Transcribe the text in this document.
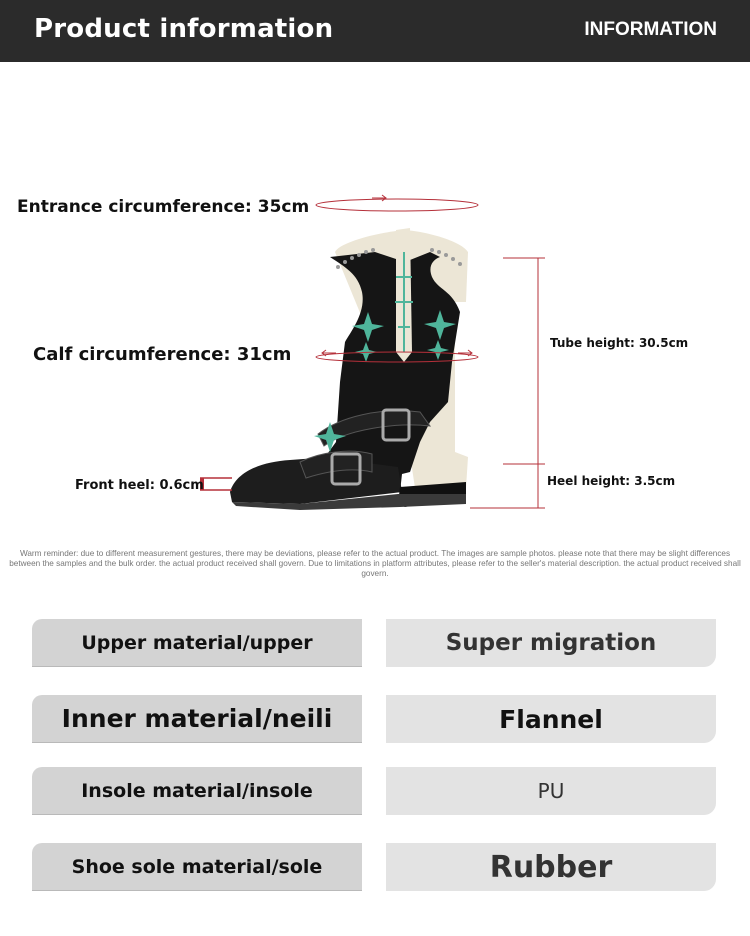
Product information	INFORMATION
Entrance circumference: 35cm
Calf circumference: 31cm
Front heel: 0.6cm
Tube height: 30.5cm
Heel height: 3.5cm
Warm reminder: due to different measurement gestures, there may be deviations, please refer to the actual product. The images are sample photos. please note that there may be slight differences between the samples and the bulk order. the actual product received shall govern. Due to limitations in platform attributes, please refer to the seller's material description. the actual product received shall govern.
Upper material/upper	Super migration
Inner material/neili	Flannel
Insole material/insole	PU
Shoe sole material/sole	Rubber
